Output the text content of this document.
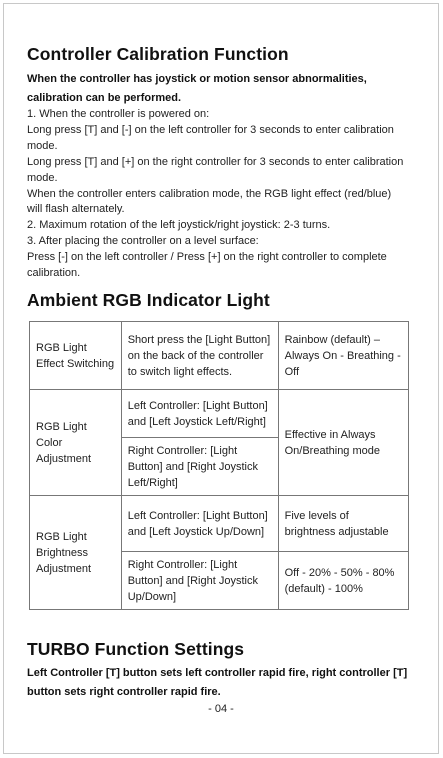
Controller Calibration Function

When the controller has joystick or motion sensor abnormalities,

calibration can be performed.

1. When the controller is powered on:

Long press [T] and [-] on the left controller for 3 seconds to enter calibration

mode.

Long press [T] and [+] on the right controller for 3 seconds to enter calibration

mode.

When the controller enters calibration mode, the RGB light effect (red/blue)

will flash alternately.

2. Maximum rotation of the left joystick/right joystick: 2-3 turns.

3. After placing the controller on a level surface:

Press [-] on the left controller / Press [+] on the right controller to complete

calibration.

Ambient RGB Indicator Light
RGB Light Effect Switching	Short press the [Light Button] on the back of the controller to switch light effects.	Rainbow (default) – Always On - Breathing - Off
RGB Light Color Adjustment	Left Controller: [Light Button] and [Left Joystick Left/Right]	Effective in Always On/Breathing mode
	Right Controller: [Light Button] and [Right Joystick Left/Right]	
RGB Light Brightness Adjustment	Left Controller: [Light Button] and [Left Joystick Up/Down]	Five levels of brightness adjustable
	Right Controller: [Light Button] and [Right Joystick Up/Down]	Off - 20% - 50% - 80% (default) - 100%
TURBO Function Settings

Left Controller [T] button sets left controller rapid fire, right controller [T]

button sets right controller rapid fire.

- 04 -
